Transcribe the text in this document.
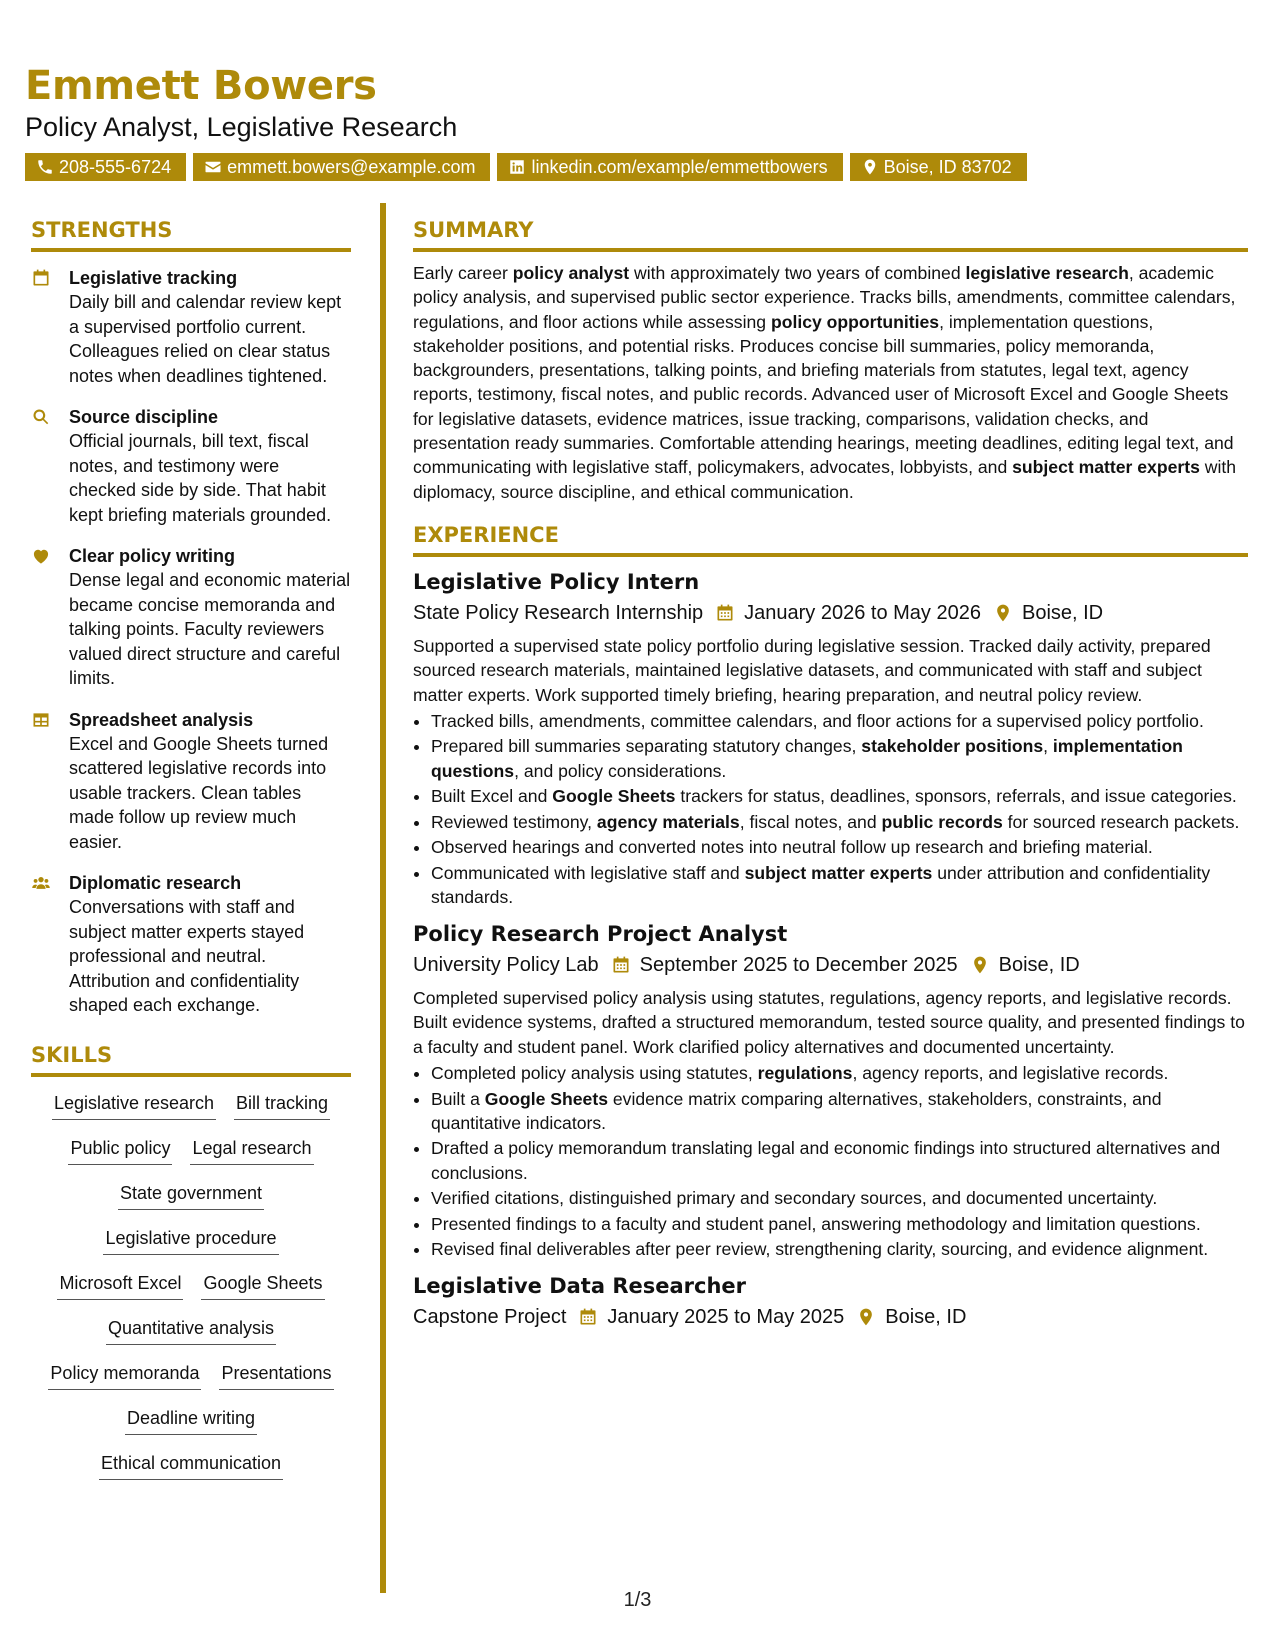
Emmett Bowers

Policy Analyst, Legislative Research

208-555-6724	emmett.bowers@example.com	linkedin.com/example/emmettbowers	Boise, ID 83702
STRENGTHS
Legislative tracking
Daily bill and calendar review kept a supervised portfolio current. Colleagues relied on clear status notes when deadlines tightened.
Source discipline
Official journals, bill text, fiscal notes, and testimony were checked side by side. That habit kept briefing materials grounded.
Clear policy writing
Dense legal and economic material became concise memoranda and talking points. Faculty reviewers valued direct structure and careful limits.
Spreadsheet analysis
Excel and Google Sheets turned scattered legislative records into usable trackers. Clean tables made follow up review much easier.
Diplomatic research
Conversations with staff and subject matter experts stayed professional and neutral. Attribution and confidentiality shaped each exchange.
SKILLS
Legislative research Bill tracking
Public policy Legal research
State government
Legislative procedure
Microsoft Excel Google Sheets
Quantitative analysis
Policy memoranda Presentations
Deadline writing
Ethical communication
SUMMARY

Early career policy analyst with approximately two years of combined legislative research, academic policy analysis, and supervised public sector experience. Tracks bills, amendments, committee calendars, regulations, and floor actions while assessing policy opportunities, implementation questions, stakeholder positions, and potential risks. Produces concise bill summaries, policy memoranda, backgrounders, presentations, talking points, and briefing materials from statutes, legal text, agency reports, testimony, fiscal notes, and public records. Advanced user of Microsoft Excel and Google Sheets for legislative datasets, evidence matrices, issue tracking, comparisons, validation checks, and presentation ready summaries. Comfortable attending hearings, meeting deadlines, editing legal text, and communicating with legislative staff, policymakers, advocates, lobbyists, and subject matter experts with diplomacy, source discipline, and ethical communication.

EXPERIENCE
Legislative Policy Intern
State Policy Research Internship January 2026 to May 2026 Boise, ID

Supported a supervised state policy portfolio during legislative session. Tracked daily activity, prepared sourced research materials, maintained legislative datasets, and communicated with staff and subject matter experts. Work supported timely briefing, hearing preparation, and neutral policy review.

• Tracked bills, amendments, committee calendars, and floor actions for a supervised policy portfolio.
• Prepared bill summaries separating statutory changes, stakeholder positions, implementation questions, and policy considerations.
• Built Excel and Google Sheets trackers for status, deadlines, sponsors, referrals, and issue categories.
• Reviewed testimony, agency materials, fiscal notes, and public records for sourced research packets.
• Observed hearings and converted notes into neutral follow up research and briefing material.
• Communicated with legislative staff and subject matter experts under attribution and confidentiality standards.
Policy Research Project Analyst
University Policy Lab September 2025 to December 2025 Boise, ID

Completed supervised policy analysis using statutes, regulations, agency reports, and legislative records. Built evidence systems, drafted a structured memorandum, tested source quality, and presented findings to a faculty and student panel. Work clarified policy alternatives and documented uncertainty.

• Completed policy analysis using statutes, regulations, agency reports, and legislative records.
• Built a Google Sheets evidence matrix comparing alternatives, stakeholders, constraints, and quantitative indicators.
• Drafted a policy memorandum translating legal and economic findings into structured alternatives and conclusions.
• Verified citations, distinguished primary and secondary sources, and documented uncertainty.
• Presented findings to a faculty and student panel, answering methodology and limitation questions.
• Revised final deliverables after peer review, strengthening clarity, sourcing, and evidence alignment.
Legislative Data Researcher
Capstone Project January 2025 to May 2025 Boise, ID
1/3
